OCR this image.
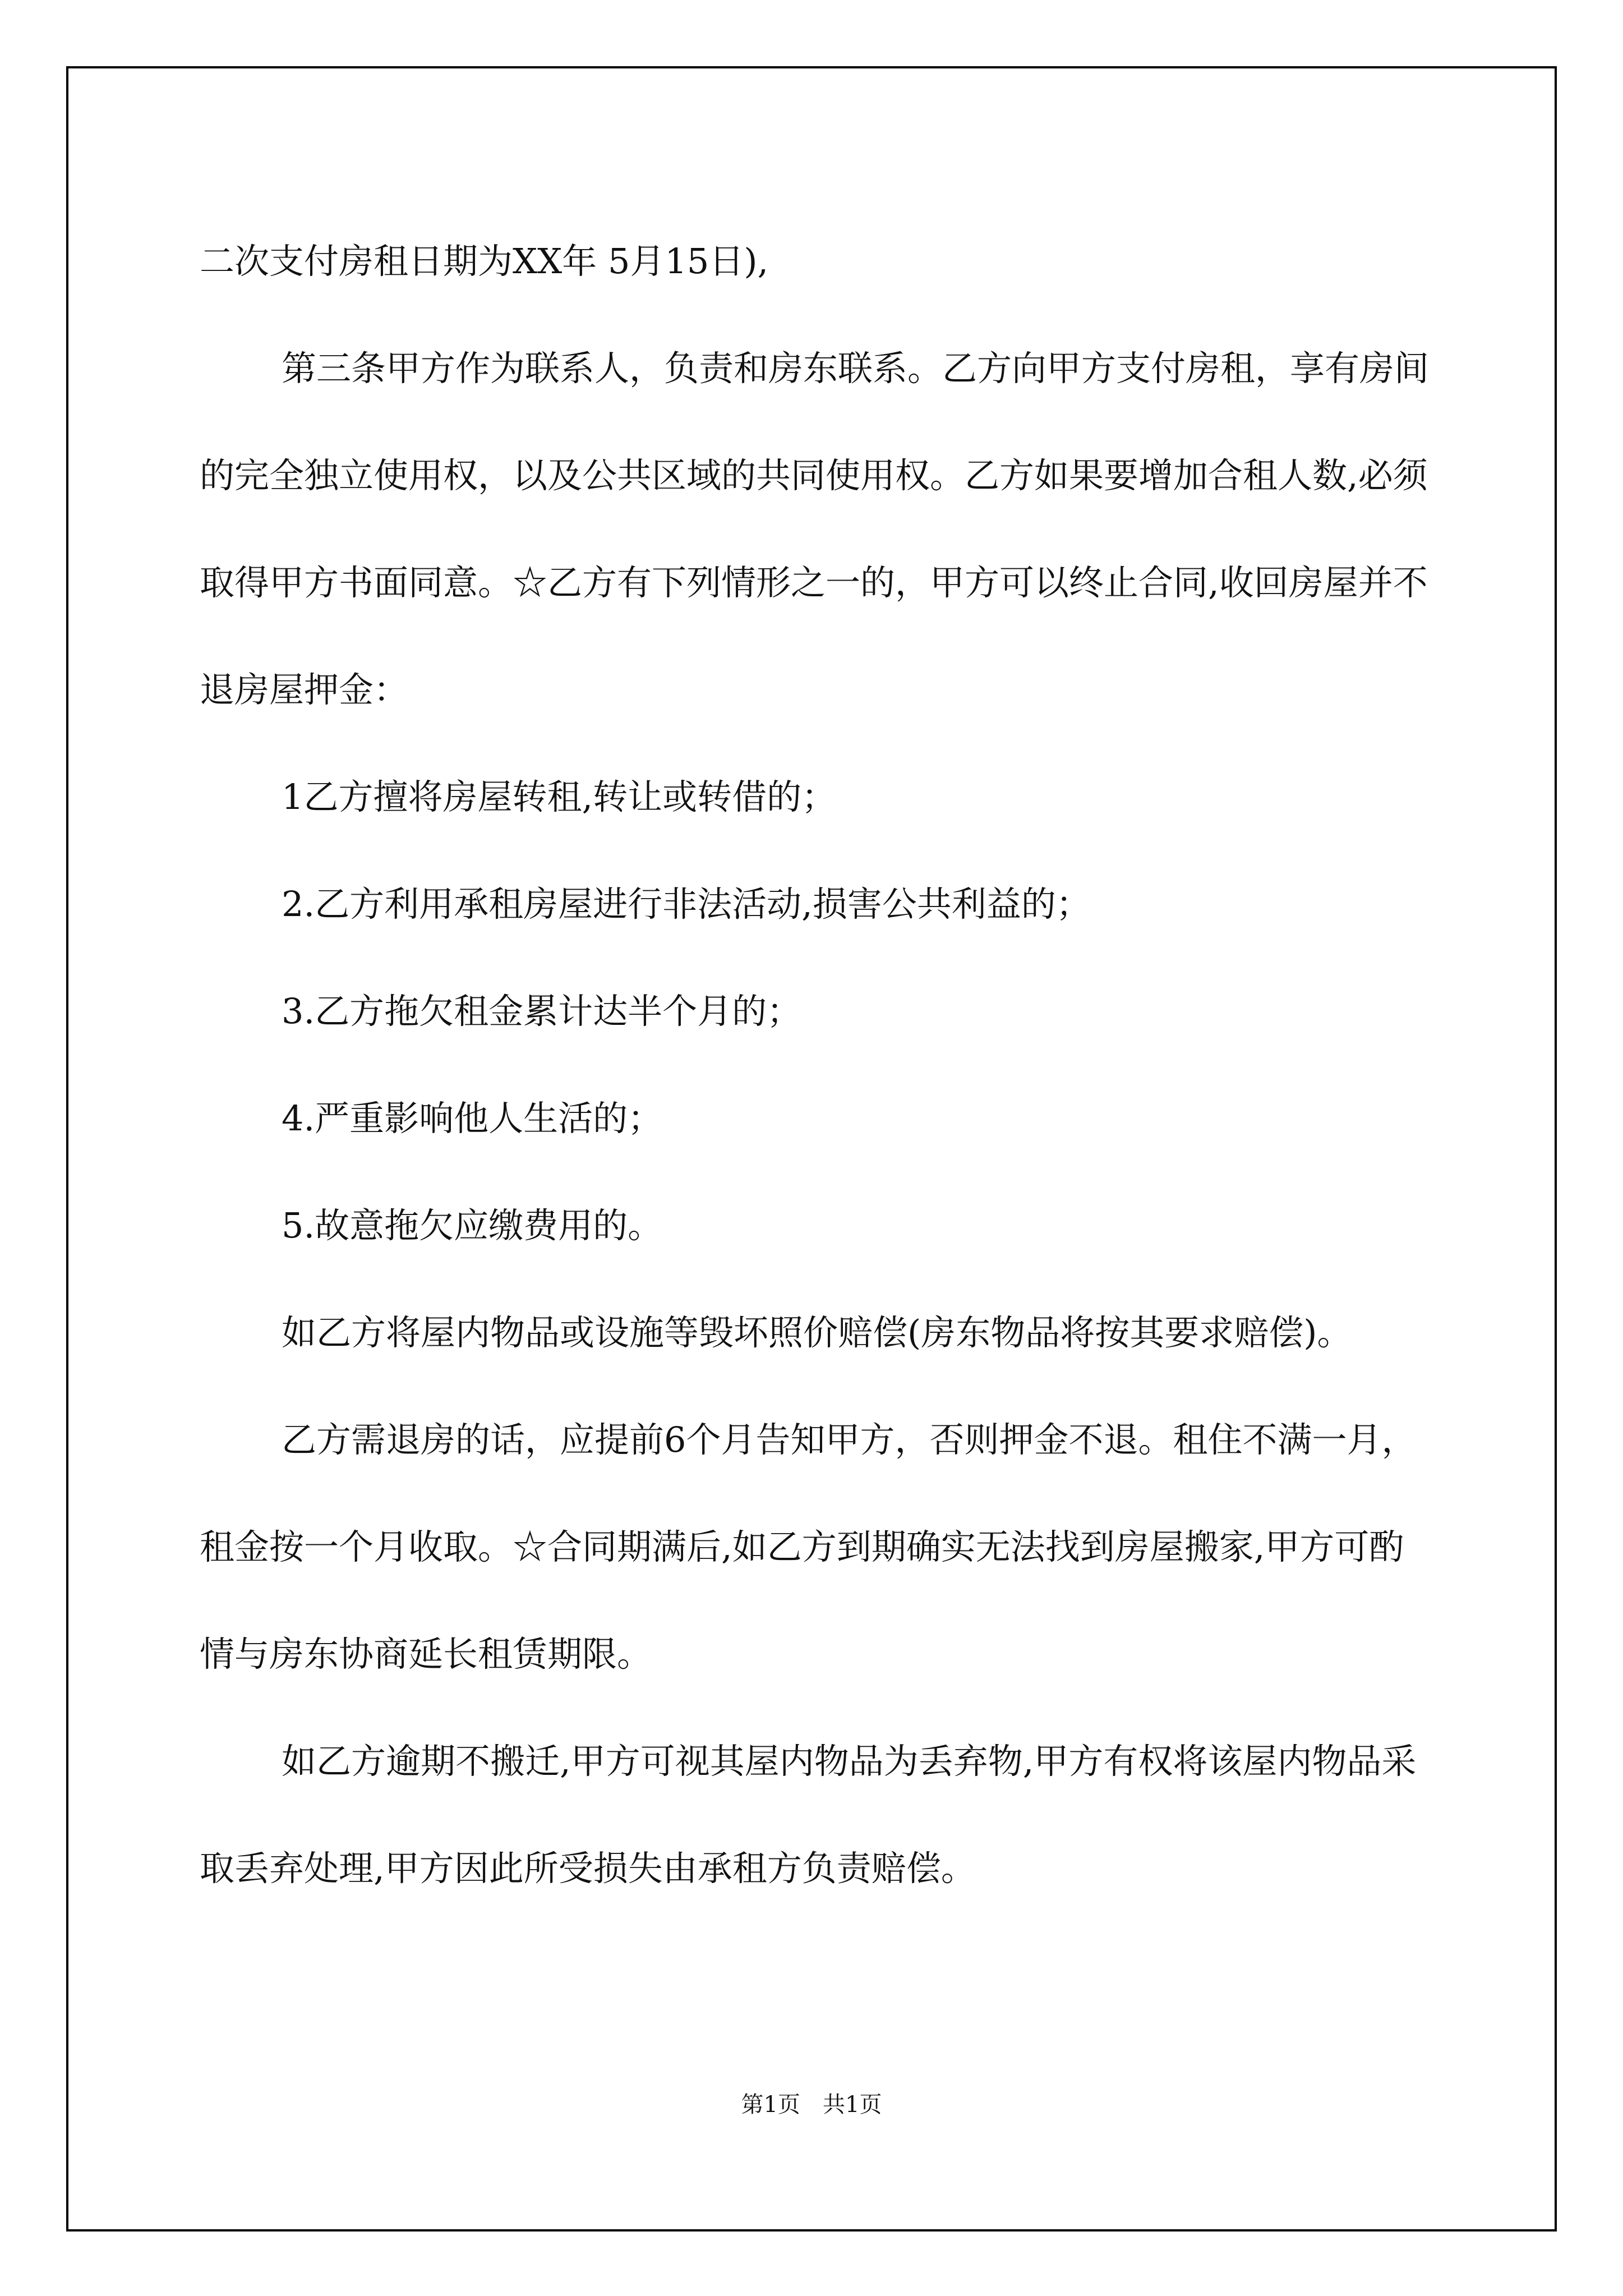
二次支付房租日期为XX年 5月15日),

第三条甲方作为联系人，负责和房东联系。乙方向甲方支付房租，享有房间的完全独立使用权，以及公共区域的共同使用权。乙方如果要增加合租人数,必须取得甲方书面同意。☆乙方有下列情形之一的，甲方可以终止合同,收回房屋并不退房屋押金：

1乙方擅将房屋转租,转让或转借的；

2.乙方利用承租房屋进行非法活动,损害公共利益的；

3.乙方拖欠租金累计达半个月的；

4.严重影响他人生活的；

5.故意拖欠应缴费用的。

如乙方将屋内物品或设施等毁坏照价赔偿(房东物品将按其要求赔偿)。

乙方需退房的话，应提前6个月告知甲方，否则押金不退。租住不满一月，租金按一个月收取。☆合同期满后,如乙方到期确实无法找到房屋搬家,甲方可酌情与房东协商延长租赁期限。

如乙方逾期不搬迁,甲方可视其屋内物品为丢弃物,甲方有权将该屋内物品采取丢弃处理,甲方因此所受损失由承租方负责赔偿。

第1页　共1页
